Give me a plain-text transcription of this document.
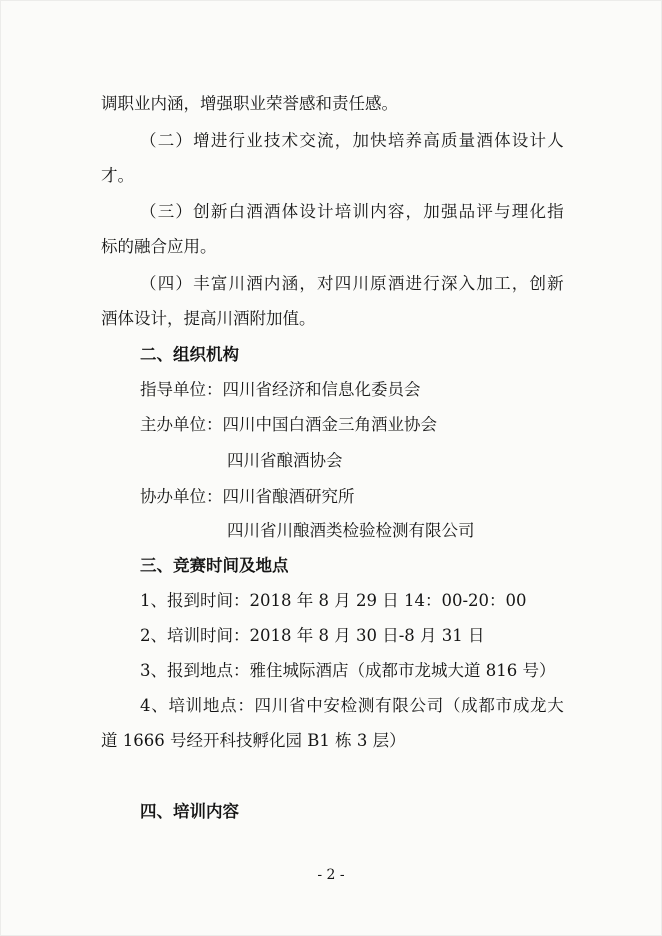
调职业内涵，增强职业荣誉感和责任感。
（ 二 ） 增 进 行 业 技 术 交 流 ， 加 快 培 养 高 质 量 酒 体 设 计 人
才。
（ 三 ） 创 新 白 酒 酒 体 设 计 培 训 内 容 ， 加 强 品 评 与 理 化 指
标的融合应用。
（ 四 ） 丰 富 川 酒 内 涵 ， 对 四 川 原 酒 进 行 深 入 加 工 ， 创 新
酒体设计，提高川酒附加值。
二、组织机构
指导单位：四川省经济和信息化委员会
主办单位：四川中国白酒金三角酒业协会
四川省酿酒协会
协办单位：四川省酿酒研究所
四川省川酿酒类检验检测有限公司
三、竞赛时间及地点
1、报到时间：2018 年 8 月 29 日 14：00-20：00
2、培训时间：2018 年 8 月 30 日-8 月 31 日
3、报到地点：雅住城际酒店（成都市龙城大道 816 号）
4 、 培 训 地 点 ： 四 川 省 中 安 检 测 有 限 公 司 （ 成 都 市 成 龙 大
道 1666 号经开科技孵化园 B1 栋 3 层）
四、培训内容
- 2 -
